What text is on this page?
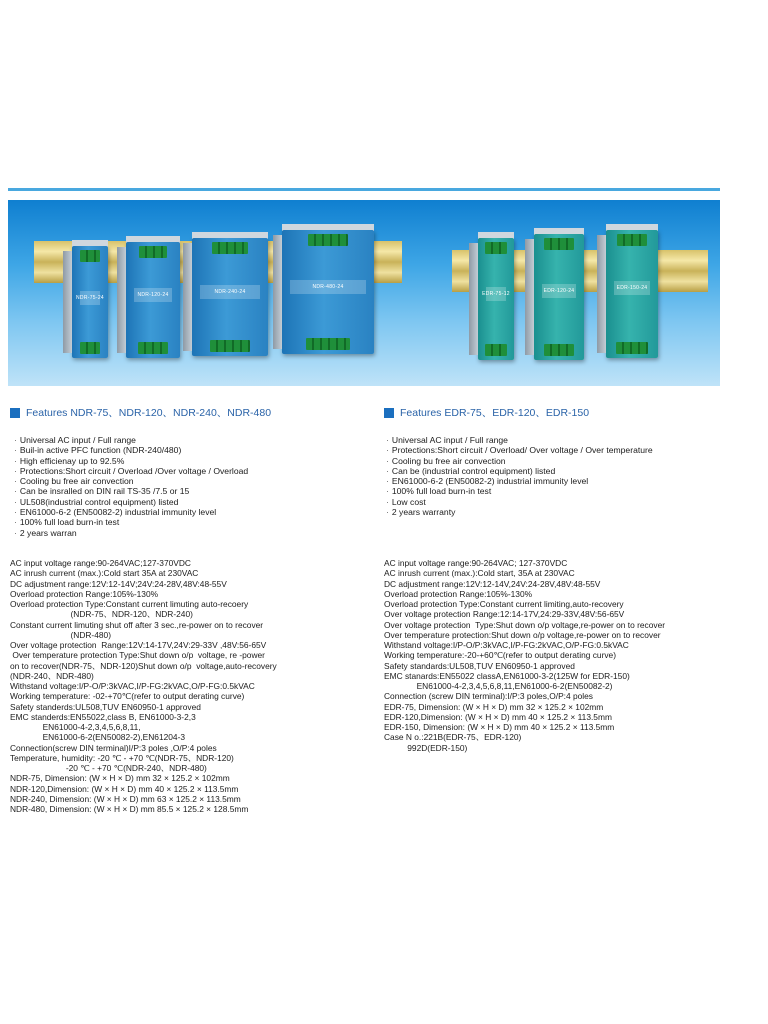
NDR-75-24	NDR-120-24
NDR-240-24
NDR-480-24
EDR-75-12	EDR-120-24
EDR-150-24
Features NDR-75、NDR-120、NDR-240、NDR-480	Features EDR-75、EDR-120、EDR-150
· Universal AC input / Full range
· Buil-in active PFC function (NDR-240/480)
· High efficienay up to 92.5%
· Protections:Short circuit / Overload /Over voltage / Overload
· Cooling bu free air convection
· Can be insralled on DIN rail TS-35 /7.5 or 15
· UL508(industrial control equipment) listed
· EN61000-6-2 (EN50082-2) industrial immunity level
· 100% full load burn-in test
· 2 years warran
· Universal AC input / Full range
· Protections:Short circuit / Overload/ Over voltage / Over temperature
· Cooling bu free air convection
· Can be (industrial control equipment) listed
· EN61000-6-2 (EN50082-2) industrial immunity level
· 100% full load burn-in test
· Low cost
· 2 years warranty
AC input voltage range:90-264VAC;127-370VDC
AC inrush current (max.):Cold start 35A at 230VAC
DC adjustment range:12V:12-14V;24V:24-28V,48V:48-55V
Overload protection Range:105%-130%
Overload protection Type:Constant current limuting auto-recoery
(NDR-75、NDR-120、NDR-240)
Constant current limuting shut off after 3 sec.,re-power on to recover
(NDR-480)
Over voltage protection  Range:12V:14-17V,24V:29-33V ,48V:56-65V
Over temperature protection Type:Shut down o/p  voltage, re -power
on to recover(NDR-75、NDR-120)Shut down o/p  voltage,auto-recovery
(NDR-240、NDR-480)
Withstand voltage:I/P-O/P:3kVAC,I/P-FG:2kVAC,O/P-FG:0.5kVAC
Working temperature: -02-+70℃(refer to output derating curve)
Safety standerds:UL508,TUV EN60950-1 approved
EMC standerds:EN55022,class B, EN61000-3-2,3
EN61000-4-2,3,4,5,6,8,11,
EN61000-6-2(EN50082-2),EN61204-3
Connection(screw DIN terminal)I/P:3 poles ,O/P:4 poles
Temperature, humidity: -20 ℃ - +70 ℃(NDR-75、NDR-120)
-20 ℃ - +70 ℃(NDR-240、NDR-480)
NDR-75, Dimension: (W × H × D) mm 32 × 125.2 × 102mm
NDR-120,Dimension: (W × H × D) mm 40 × 125.2 × 113.5mm
NDR-240, Dimension: (W × H × D) mm 63 × 125.2 × 113.5mm
NDR-480, Dimension: (W × H × D) mm 85.5 × 125.2 × 128.5mm
AC input voltage range:90-264VAC; 127-370VDC
AC inrush current (max.):Cold start, 35A at 230VAC
DC adjustment range:12V:12-14V,24V:24-28V,48V:48-55V
Overload protection Range:105%-130%
Overload protection Type:Constant current limiting,auto-recovery
Over voltage protection Range:12:14-17V,24:29-33V,48V:56-65V
Over voltage protection  Type:Shut down o/p voltage,re-power on to recover
Over temperature protection:Shut down o/p voltage,re-power on to recover
Withstand voltage:I/P-O/P:3kVAC,I/P-FG:2kVAC,O/P-FG:0.5kVAC
Working temperature:-20-+60℃(refer to output derating curve)
Safety standards:UL508,TUV EN60950-1 approved
EMC stanards:EN55022 classA,EN61000-3-2(125W for EDR-150)
EN61000-4-2,3,4,5,6,8,11,EN61000-6-2(EN50082-2)
Connection (screw DIN terminal):I/P:3 poles,O/P:4 poles
EDR-75, Dimension: (W × H × D) mm 32 × 125.2 × 102mm
EDR-120,Dimension: (W × H × D) mm 40 × 125.2 × 113.5mm
EDR-150, Dimension: (W × H × D) mm 40 × 125.2 × 113.5mm
Case N o.:221B(EDR-75、EDR-120)
992D(EDR-150)
